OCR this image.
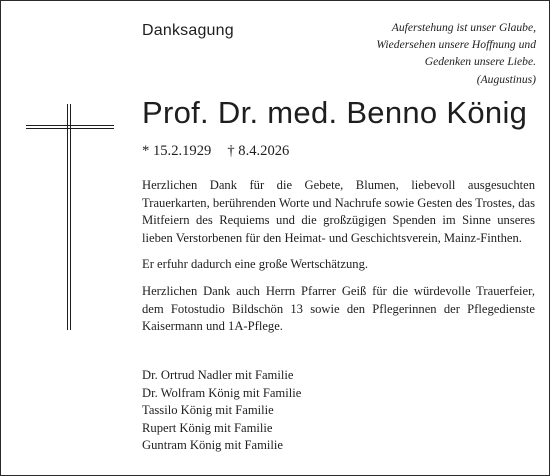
Danksagung	Auferstehung ist unser Glaube,
Wiedersehen unsere Hoffnung und
Gedenken unsere Liebe.
(Augustinus)
Prof. Dr. med. Benno König
* 15.2.1929 † 8.4.2026

Herzlichen Dank für die Gebete, Blumen, liebevoll ausgesuchten Trauerkarten, berührenden Worte und Nachrufe sowie Gesten des Trostes, das Mitfeiern des Requiems und die großzügigen Spenden im Sinne unseres lieben Verstorbenen für den Heimat- und Geschichtsverein, Mainz-Finthen.

Er erfuhr dadurch eine große Wertschätzung.

Herzlichen Dank auch Herrn Pfarrer Geiß für die würdevolle Trauerfeier, dem Fotostudio Bildschön 13 sowie den Pflegerinnen der Pflegedienste Kaisermann und 1A-Pflege.

Dr. Ortrud Nadler mit Familie
Dr. Wolfram König mit Familie
Tassilo König mit Familie
Rupert König mit Familie
Guntram König mit Familie
